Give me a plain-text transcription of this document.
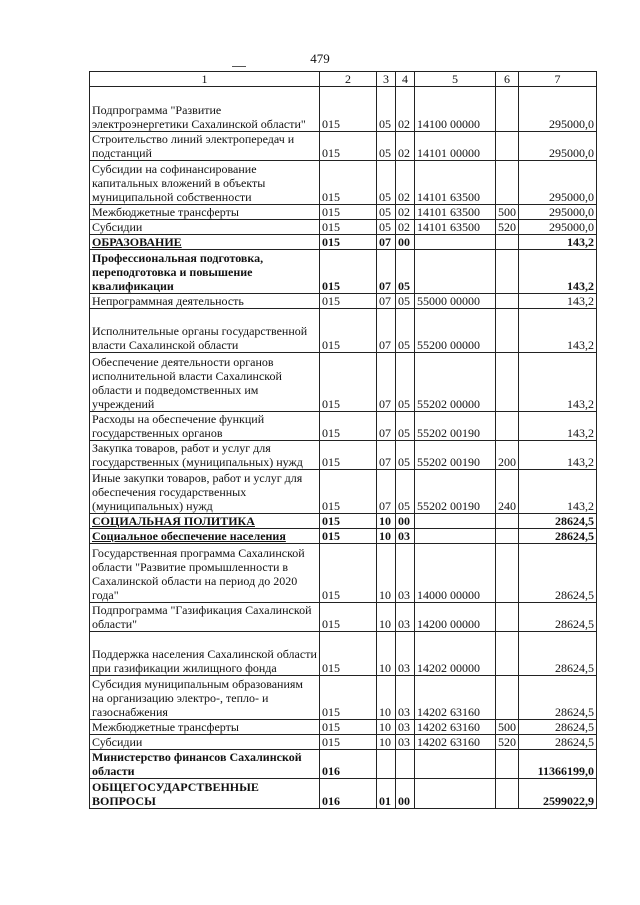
479
1	2	3	4	5	6	7
Подпрограмма "Развитие электроэнергетики Сахалинской области"	015	05	02	14100 00000		295000,0
Строительство линий электропередач и подстанций	015	05	02	14101 00000		295000,0
Субсидии на софинансирование капитальных вложений в объекты муниципальной собственности	015	05	02	14101 63500		295000,0
Межбюджетные трансферты	015	05	02	14101 63500	500	295000,0
Субсидии	015	05	02	14101 63500	520	295000,0
ОБРАЗОВАНИЕ	015	07	00			143,2
Профессиональная подготовка, переподготовка и повышение квалификации	015	07	05			143,2
Непрограммная деятельность	015	07	05	55000 00000		143,2
Исполнительные органы государственной власти Сахалинской области	015	07	05	55200 00000		143,2
Обеспечение деятельности органов исполнительной власти Сахалинской области и подведомственных им учреждений	015	07	05	55202 00000		143,2
Расходы на обеспечение функций государственных органов	015	07	05	55202 00190		143,2
Закупка товаров, работ и услуг для государственных (муниципальных) нужд	015	07	05	55202 00190	200	143,2
Иные закупки товаров, работ и услуг для обеспечения государственных (муниципальных) нужд	015	07	05	55202 00190	240	143,2
СОЦИАЛЬНАЯ ПОЛИТИКА	015	10	00			28624,5
Социальное обеспечение населения	015	10	03			28624,5
Государственная программа Сахалинской области "Развитие промышленности в Сахалинской области на период до 2020 года"	015	10	03	14000 00000		28624,5
Подпрограмма "Газификация Сахалинской области"	015	10	03	14200 00000		28624,5
Поддержка населения Сахалинской области при газификации жилищного фонда	015	10	03	14202 00000		28624,5
Субсидия муниципальным образованиям на организацию электро-, тепло- и газоснабжения	015	10	03	14202 63160		28624,5
Межбюджетные трансферты	015	10	03	14202 63160	500	28624,5
Субсидии	015	10	03	14202 63160	520	28624,5
Министерство финансов Сахалинской области	016					11366199,0
ОБЩЕГОСУДАРСТВЕННЫЕ ВОПРОСЫ	016	01	00			2599022,9
